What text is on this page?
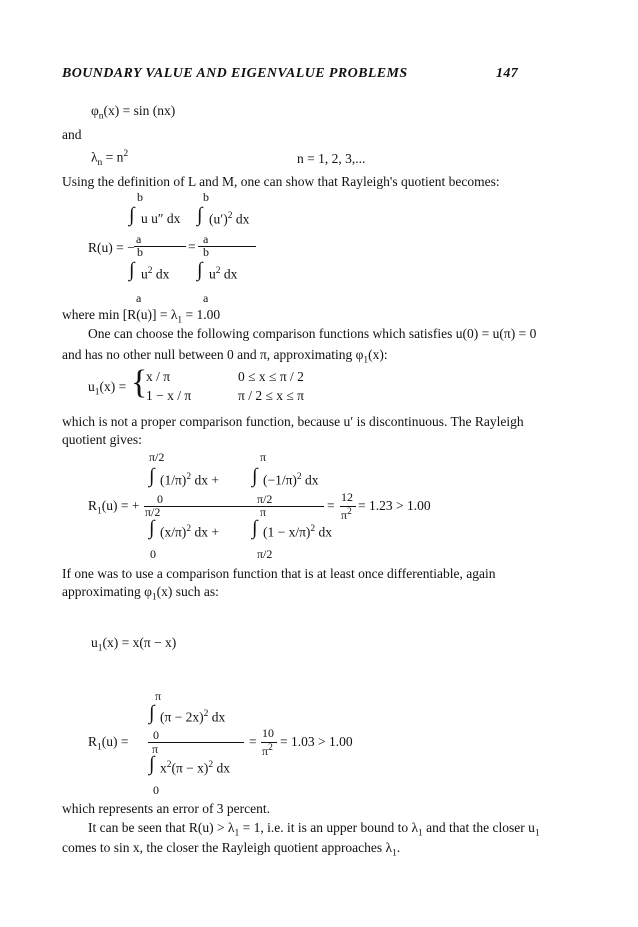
BOUNDARY VALUE AND EIGENVALUE PROBLEMS	147
$\varphi_n(x) = \sin (nx)$
and
$\lambda_n = n^2$	n = 1, 2, 3,...
Using the definition of L and M, one can show that Rayleigh's quotient becomes:
b	b
∫ u u″ dx ∫ $(u')^2$ dx
R(u) = −
a	= a
b	b
∫ $u^2$ dx ∫ $u^2$ dx
a	a
where $\min [R(u)] = \lambda_1 = 1.00$
One can choose the following comparison functions which satisfies u(0) = u(π) = 0
and has no other null between 0 and π, approximating $\varphi_1(x)$:
$u_1(x)$ = {
x / π	0 ≤ x ≤ π / 2
1 − x / π	π / 2 ≤ x ≤ π
which is not a proper comparison function, because u′ is discontinuous. The Rayleigh
quotient gives:
π/2	π
∫ $(1/\pi)^2$ dx + ∫ $(-1/\pi)^2$ dx
$R_1(u)$ = + 0	π/2
π/2	π	=
12
$\pi^2 = 1.23 > 1.00$
∫ $(x/\pi)^2$ dx + ∫ $(1 - x/\pi)^2$ dx
0	π/2
If one was to use a comparison function that is at least once differentiable, again
approximating $\varphi_1(x)$ such as:
$u_1(x) = x(\pi - x)$
π
∫ $(\pi - 2x)^2$ dx
$R_1(u) = 0$
π	=
10
$\pi^2 = 1.03 > 1.00$
∫ $x^2(\pi - x)^2$ dx
0
which represents an error of 3 percent.
It can be seen that $R(u) > \lambda_1 = 1$, i.e. it is an upper bound to $\lambda_1$ and that the closer $u_1$
comes to sin x, the closer the Rayleigh quotient approaches $\lambda_1$.
